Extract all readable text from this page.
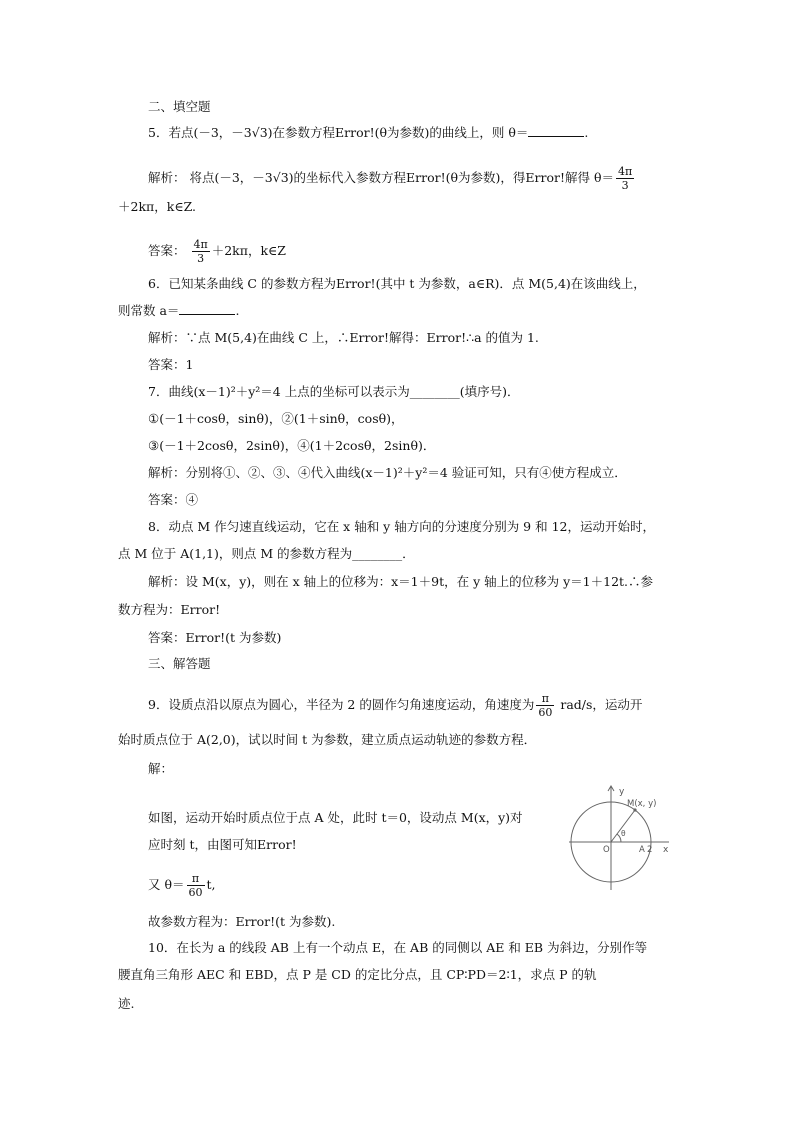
二、填空题
5．若点(－3，－3√3)在参数方程Error!(θ为参数)的曲线上，则 θ＝	.
解析： 将点(－3，－3√3)的坐标代入参数方程Error!(θ为参数)，得Error!解得 $\theta= \frac{4\pi}{3}$
＋2kπ，k∈Z.
答案： $\frac{4\pi}{3} +2k\pi$，k∈Z
6．已知某条曲线 C 的参数方程为Error!(其中 t 为参数，a∈R)．点 M(5,4)在该曲线上，
则常数 a＝	.
解析：∵点 M(5,4)在曲线 C 上，∴Error!解得：Error!∴a 的值为 1.
答案：1
7．曲线(x－1)²＋y²＝4 上点的坐标可以表示为________(填序号)．
①(－1＋cosθ，sinθ)，②(1＋sinθ，cosθ)，
③(－1＋2cosθ，2sinθ)，④(1＋2cosθ，2sinθ)．
解析：分别将①、②、③、④代入曲线(x－1)²＋y²＝4 验证可知，只有④使方程成立．
答案：④
8．动点 M 作匀速直线运动，它在 x 轴和 y 轴方向的分速度分别为 9 和 12，运动开始时，
点 M 位于 A(1,1)，则点 M 的参数方程为________．
解析：设 M(x，y)，则在 x 轴上的位移为：x＝1＋9t，在 y 轴上的位移为 y＝1＋12t.∴参
数方程为：Error!
答案：Error!(t 为参数)
三、解答题
9．设质点沿以原点为圆心，半径为 2 的圆作匀角速度运动，角速度为 $\frac{\pi}{60} rad/s$，运动开
始时质点位于 A(2,0)，试以时间 t 为参数，建立质点运动轨迹的参数方程．
解：
如图，运动开始时质点位于点 A 处，此时 t＝0，设动点 M(x，y)对
应时刻 t，由图可知Error!
又 $\theta= \frac{\pi}{60} t$,
故参数方程为：Error!(t 为参数).
y
x
M(x, y)
O	A 2
θ
10．在长为 a 的线段 AB 上有一个动点 E，在 AB 的同侧以 AE 和 EB 为斜边，分别作等
腰直角三角形 AEC 和 EBD，点 P 是 CD 的定比分点，且 CP∶PD＝2∶1，求点 P 的轨
迹.
